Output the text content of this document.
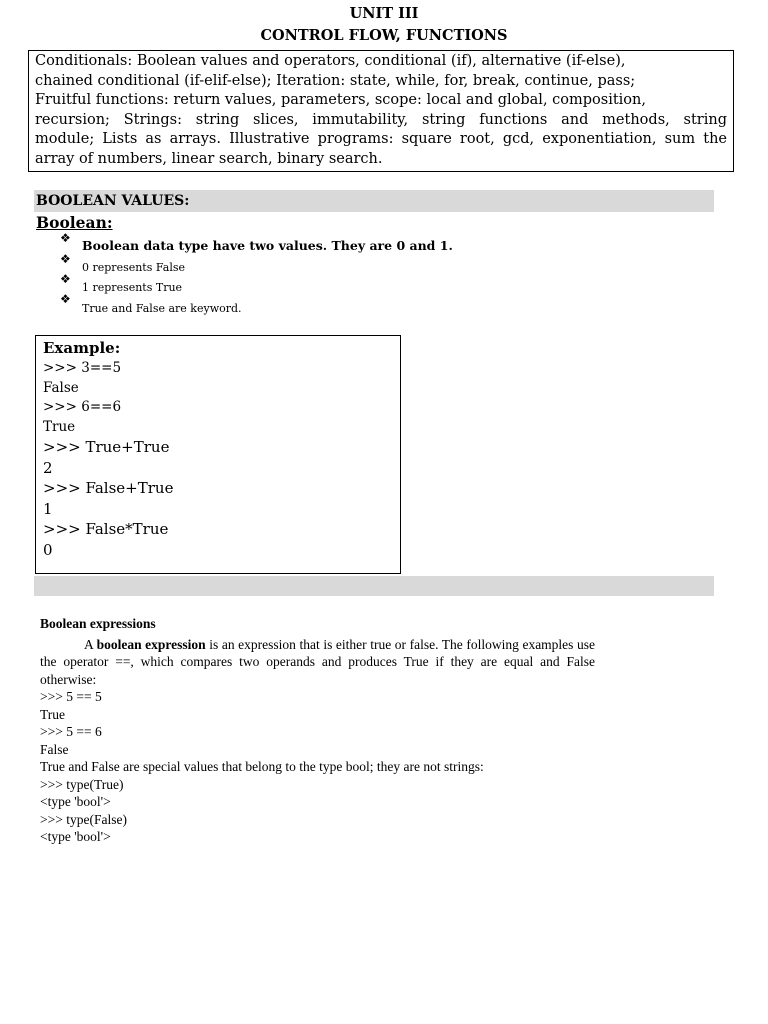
UNIT III
CONTROL FLOW, FUNCTIONS

Conditionals: Boolean values and operators, conditional (if), alternative (if-else),

chained conditional (if-elif-else); Iteration: state, while, for, break, continue, pass;

Fruitful functions: return values, parameters, scope: local and global, composition,

recursion; Strings: string slices, immutability, string functions and methods, string

module; Lists as arrays. Illustrative programs: square root, gcd, exponentiation, sum the

array of numbers, linear search, binary search.

BOOLEAN VALUES:
Boolean:
❖ Boolean data type have two values. They are 0 and 1.
❖
0 represents False
❖
1 represents True
❖
True and False are keyword.
Example:
>>> 3==5
False
>>> 6==6
True
>>> True+True
2
>>> False+True
1
>>> False*True
0
Boolean expressions

A boolean expression is an expression that is either true or false. The following examples use the operator ==, which compares two operands and produces True if they are equal and False otherwise:

>>> 5 == 5
True
>>> 5 == 6
False
True and False are special values that belong to the type bool; they are not strings:
>>> type(True)
<type 'bool'>
>>> type(False)
<type 'bool'>
